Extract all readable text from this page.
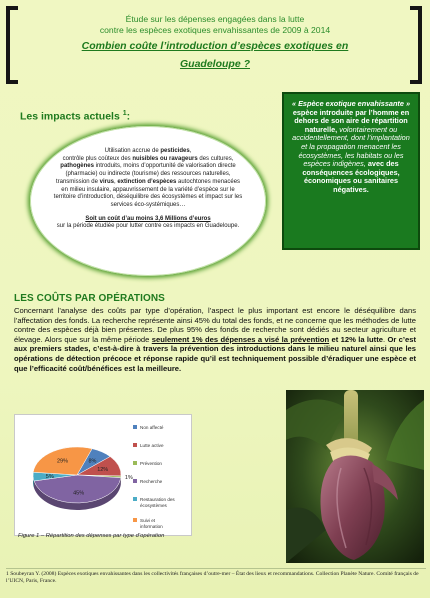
Étude sur les dépenses engagées dans la lutte
contre les espèces exotiques envahissantes de 2009 à 2014
Combien coûte l’introduction d’espèces exotiques en
Guadeloupe ?
Les impacts actuels $^1$:
Utilisation accrue de pesticides,
contrôle plus coûteux des nuisibles ou ravageurs des cultures, pathogènes introduits, moins d’opportunité de valorisation directe (pharmacie) ou indirecte (tourisme) des ressources naturelles, transmission de virus, extinction d’espèces autochtones menacées en milieu insulaire, appauvrissement de la variété d’espèce sur le territoire d’introduction, déséquilibre des écosystèmes et impact sur les services éco-systémiques…
Soit un coût d’au moins 3,6 Millions d’euros
sur la période étudiée pour lutter contre ces impacts en Guadeloupe.
« Espèce exotique envahissante »
espèce introduite par l’homme en dehors de son aire de répartition naturelle, volontairement ou accidentellement, dont l’implantation et la propagation menacent les écosystèmes, les habitats ou les espèces indigènes, avec des conséquences écologiques, économiques ou sanitaires négatives.
LES COÛTS PAR OPÉRATIONS
Concernant l’analyse des coûts par type d’opération, l’aspect le plus important est encore le déséquilibre dans l’affectation des fonds. La recherche représente ainsi 45% du total des fonds, et ne concerne que les méthodes de lutte contre des espèces déjà bien présentes. De plus 95% des fonds de recherche sont dédiés au secteur agriculture et élevage. Alors que sur la même période seulement 1% des dépenses a visé la prévention et 12% la lutte. Or c’est aux premiers stades, c’est-à-dire à travers la prévention des introductions dans le milieu naturel ainsi que les opérations de détection précoce et réponse rapide qu’il est techniquement possible d’éradiquer une espèce et que l’efficacité coût/bénéfices est la meilleure.
8%
12%
1%
45%
5%
29%
Non affecté
Lutte active
Prévention
Recherche
Restauration des
écosystèmes
Suivi et
information
Figure 1 – Répartition des dépenses par type d’opération
1 Soubeyran Y. (2008) Espèces exotiques envahissantes dans les collectivités françaises d’outre-mer – État des lieux et recommandations. Collection Planète Nature. Comité français de l’UICN, Paris, France.
